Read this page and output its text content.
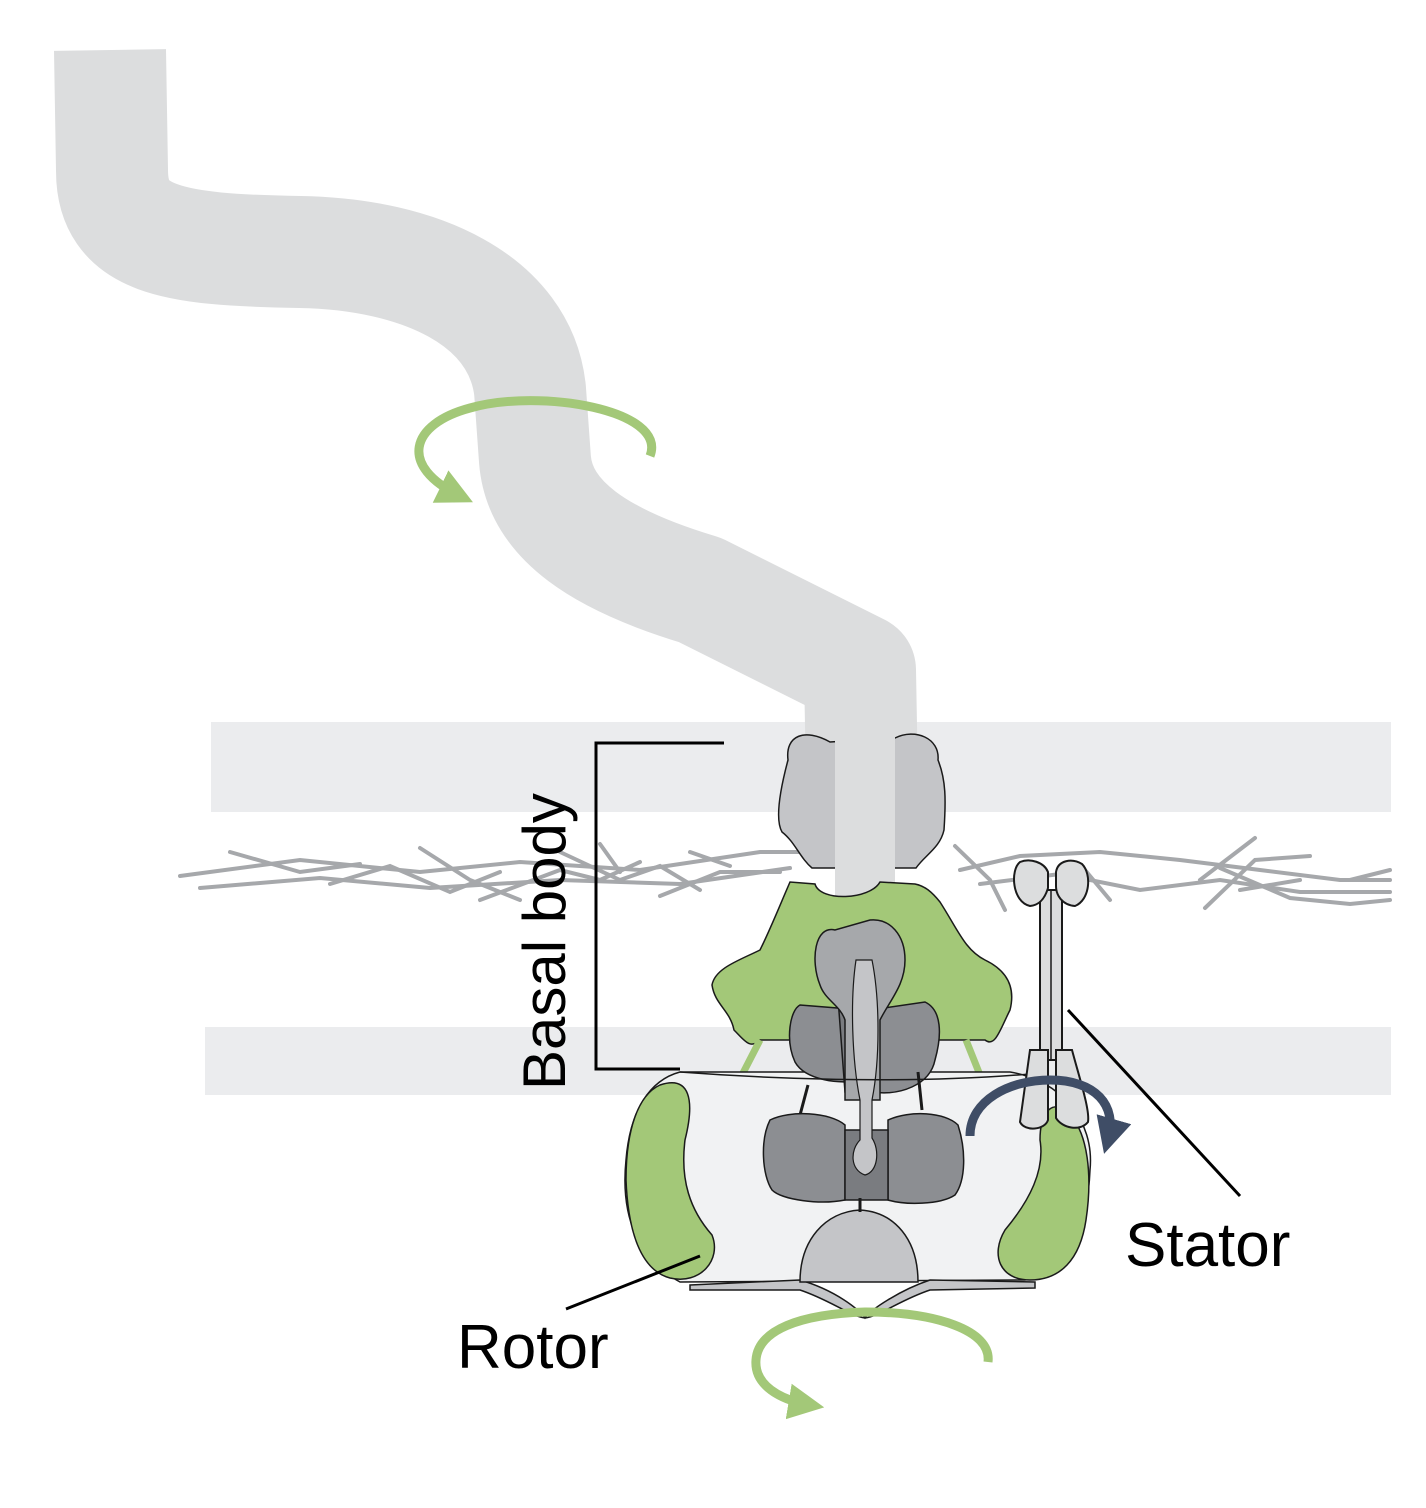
Basal body
Stator
Rotor
